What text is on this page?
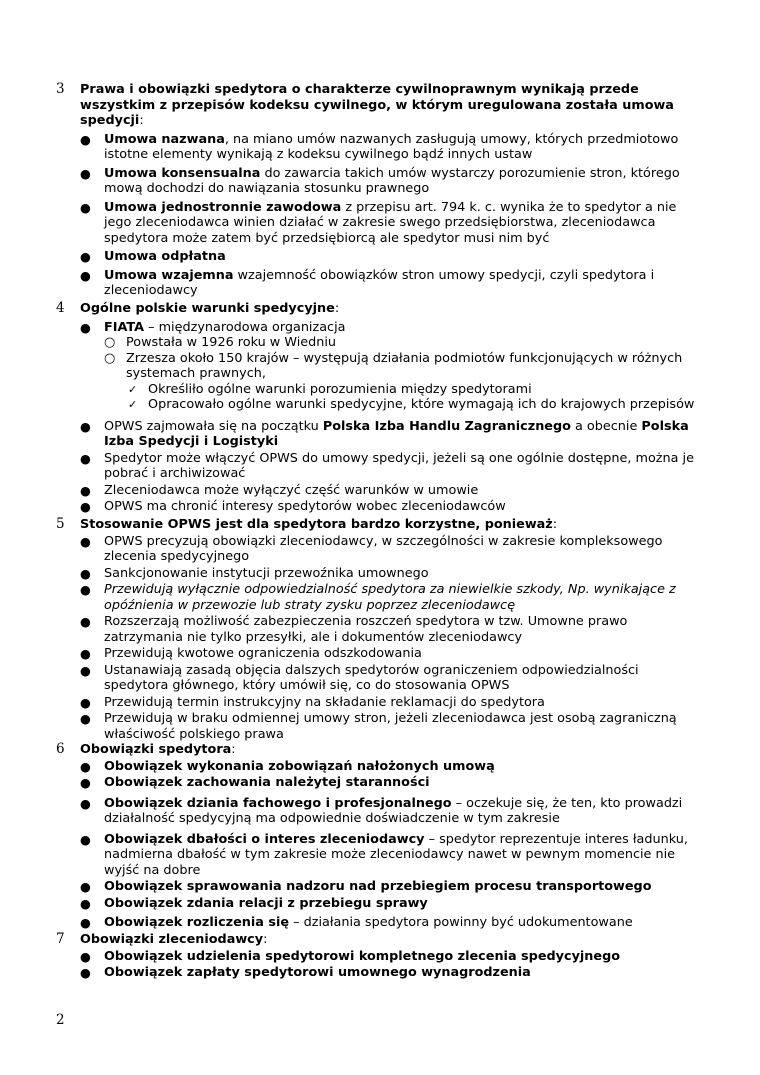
3 Prawa i obowiązki spedytora o charakterze cywilnoprawnym wynikają przede wszystkim z przepisów kodeksu cywilnego, w którym uregulowana została umowa spedycji:
● Umowa nazwana, na miano umów nazwanych zasługują umowy, których przedmiotowo istotne elementy wynikają z kodeksu cywilnego bądź innych ustaw
● Umowa konsensualna do zawarcia takich umów wystarczy porozumienie stron, którego mową dochodzi do nawiązania stosunku prawnego
● Umowa jednostronnie zawodowa z przepisu art. 794 k. c. wynika że to spedytor a nie jego zleceniodawca winien działać w zakresie swego przedsiębiorstwa, zleceniodawca spedytora może zatem być przedsiębiorcą ale spedytor musi nim być
● Umowa odpłatna
● Umowa wzajemna wzajemność obowiązków stron umowy spedycji, czyli spedytora i zleceniodawcy
4 Ogólne polskie warunki spedycyjne:
● FIATA – międzynarodowa organizacja
○ Powstała w 1926 roku w Wiedniu
○ Zrzesza około 150 krajów – występują działania podmiotów funkcjonujących w różnych systemach prawnych,
✓ Określiło ogólne warunki porozumienia między spedytorami
✓ Opracowało ogólne warunki spedycyjne, które wymagają ich do krajowych przepisów
● OPWS zajmowała się na początku Polska Izba Handlu Zagranicznego a obecnie Polska Izba Spedycji i Logistyki
● Spedytor może włączyć OPWS do umowy spedycji, jeżeli są one ogólnie dostępne, można je pobrać i archiwizować
● Zleceniodawca może wyłączyć część warunków w umowie
● OPWS ma chronić interesy spedytorów wobec zleceniodawców
5 Stosowanie OPWS jest dla spedytora bardzo korzystne, ponieważ:
● OPWS precyzują obowiązki zleceniodawcy, w szczególności w zakresie kompleksowego zlecenia spedycyjnego
● Sankcjonowanie instytucji przewoźnika umownego
● Przewidują wyłącznie odpowiedzialność spedytora za niewielkie szkody, Np. wynikające z opóźnienia w przewozie lub straty zysku poprzez zleceniodawcę
● Rozszerzają możliwość zabezpieczenia roszczeń spedytora w tzw. Umowne prawo zatrzymania nie tylko przesyłki, ale i dokumentów zleceniodawcy
● Przewidują kwotowe ograniczenia odszkodowania
● Ustanawiają zasadą objęcia dalszych spedytorów ograniczeniem odpowiedzialności spedytora głównego, który umówił się, co do stosowania OPWS
● Przewidują termin instrukcyjny na składanie reklamacji do spedytora
● Przewidują w braku odmiennej umowy stron, jeżeli zleceniodawca jest osobą zagraniczną właściwość polskiego prawa
6 Obowiązki spedytora:
● Obowiązek wykonania zobowiązań nałożonych umową
● Obowiązek zachowania należytej staranności
● Obowiązek dziania fachowego i profesjonalnego – oczekuje się, że ten, kto prowadzi działalność spedycyjną ma odpowiednie doświadczenie w tym zakresie
● Obowiązek dbałości o interes zleceniodawcy – spedytor reprezentuje interes ładunku, nadmierna dbałość w tym zakresie może zleceniodawcy nawet w pewnym momencie nie wyjść na dobre
● Obowiązek sprawowania nadzoru nad przebiegiem procesu transportowego
● Obowiązek zdania relacji z przebiegu sprawy
● Obowiązek rozliczenia się – działania spedytora powinny być udokumentowane
7 Obowiązki zleceniodawcy:
● Obowiązek udzielenia spedytorowi kompletnego zlecenia spedycyjnego
● Obowiązek zapłaty spedytorowi umownego wynagrodzenia
2
